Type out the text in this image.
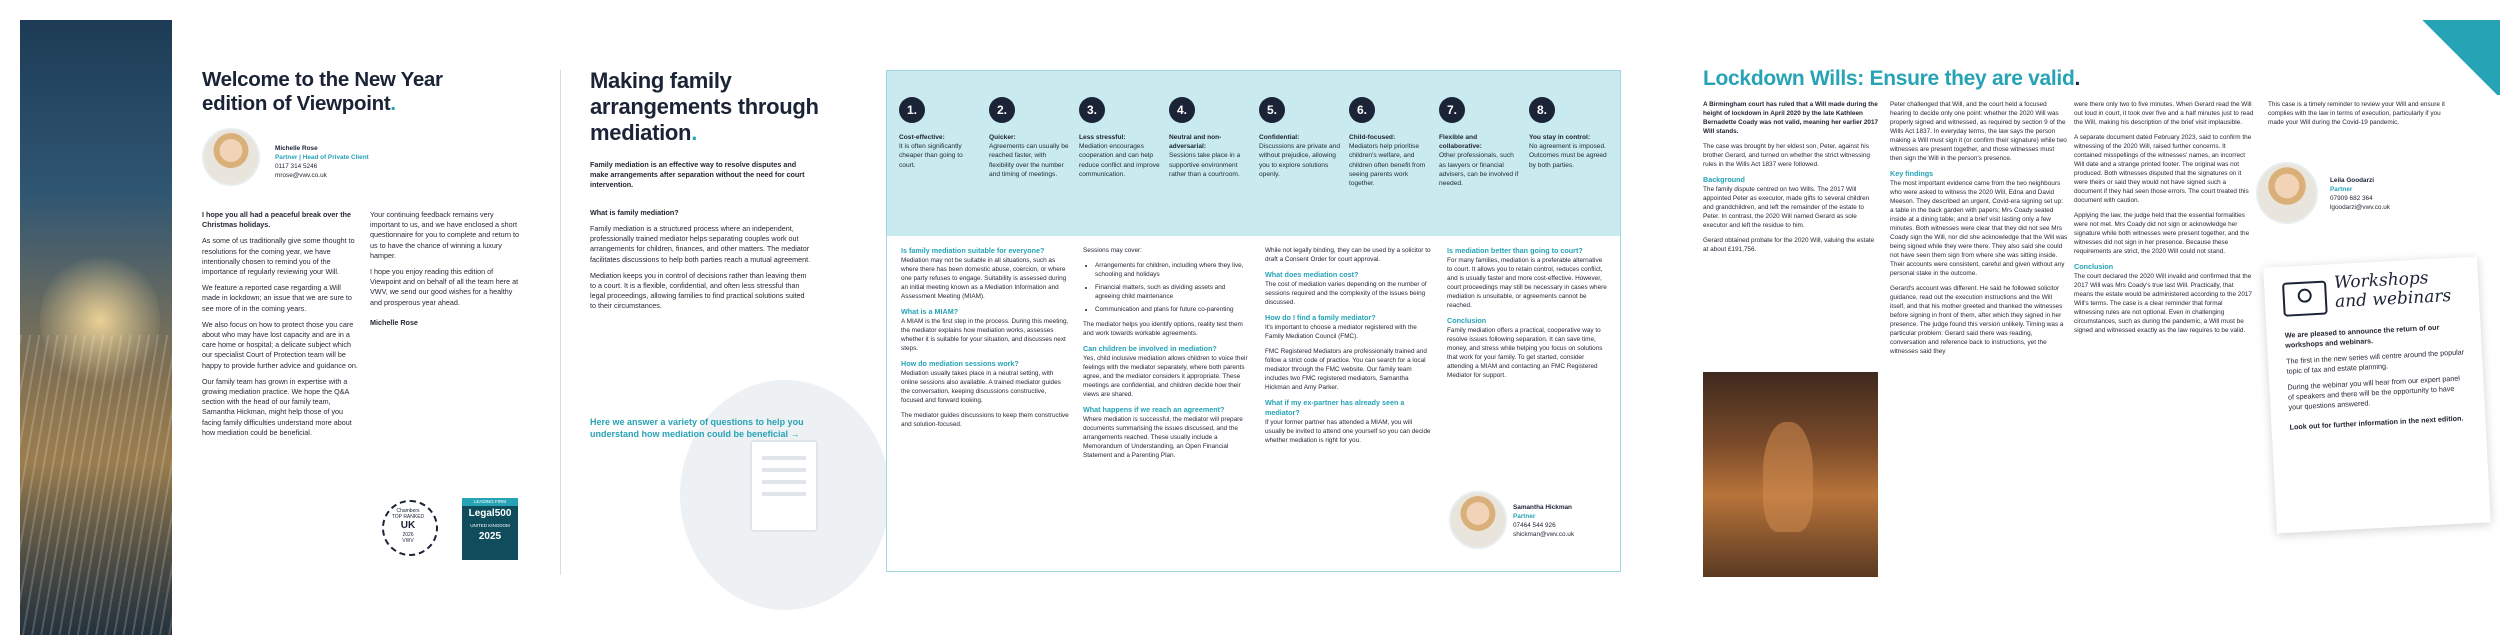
Welcome to the New Year edition of Viewpoint.
Michelle Rose
Partner | Head of Private Client
0117 314 5246
mrose@vwv.co.uk

I hope you all had a peaceful break over the Christmas holidays.

As some of us traditionally give some thought to resolutions for the coming year, we have intentionally chosen to remind you of the importance of regularly reviewing your Will.

We feature a reported case regarding a Will made in lockdown; an issue that we are sure to see more of in the coming years.

We also focus on how to protect those you care about who may have lost capacity and are in a care home or hospital; a delicate subject which our specialist Court of Protection team will be happy to provide further advice and guidance on.

Our family team has grown in expertise with a growing mediation practice. We hope the Q&A section with the head of our family team, Samantha Hickman, might help those of you facing family difficulties understand more about how mediation could be beneficial.

Your continuing feedback remains very important to us, and we have enclosed a short questionnaire for you to complete and return to us to have the chance of winning a luxury hamper.

I hope you enjoy reading this edition of Viewpoint and on behalf of all the team here at VWV, we send our good wishes for a healthy and prosperous year ahead.

Michelle Rose

Chambers
TOP RANKED
UK
2026
VWV
LEADING FIRM
Legal500
UNITED KINGDOM
2025
Making family arrangements through mediation.
Family mediation is an effective way to resolve disputes and make arrangements after separation without the need for court intervention.
What is family mediation?

Family mediation is a structured process where an independent, professionally trained mediator helps separating couples work out arrangements for children, finances, and other matters. The mediator facilitates discussions to help both parties reach a mutual agreement.

Mediation keeps you in control of decisions rather than leaving them to a court. It is a flexible, confidential, and often less stressful than legal proceedings, allowing families to find practical solutions suited to their circumstances.

Here we answer a variety of questions to help you understand how mediation could be beneficial →
1.
Cost-effective:
It is often significantly cheaper than going to court.
2.
Quicker:
Agreements can usually be reached faster, with flexibility over the number and timing of meetings.
3.
Less stressful:
Mediation encourages cooperation and can help reduce conflict and improve communication.
4.
Neutral and non-adversarial:
Sessions take place in a supportive environment rather than a courtroom.
5.
Confidential:
Discussions are private and without prejudice, allowing you to explore solutions openly.
6.
Child-focused:
Mediators help prioritise children's welfare, and children often benefit from seeing parents work together.
7.
Flexible and collaborative:
Other professionals, such as lawyers or financial advisers, can be involved if needed.
8.
You stay in control:
No agreement is imposed. Outcomes must be agreed by both parties.
Is family mediation suitable for everyone?

Mediation may not be suitable in all situations, such as where there has been domestic abuse, coercion, or where one party refuses to engage. Suitability is assessed during an initial meeting known as a Mediation Information and Assessment Meeting (MIAM).

What is a MIAM?

A MIAM is the first step in the process. During this meeting, the mediator explains how mediation works, assesses whether it is suitable for your situation, and discusses next steps.

How do mediation sessions work?

Mediation usually takes place in a neutral setting, with online sessions also available. A trained mediator guides the conversation, keeping discussions constructive, focused and forward looking.

The mediator guides discussions to keep them constructive and solution-focused.

Sessions may cover:

• Arrangements for children, including where they live, schooling and holidays
• Financial matters, such as dividing assets and agreeing child maintenance
• Communication and plans for future co-parenting

The mediator helps you identify options, reality test them and work towards workable agreements.

Can children be involved in mediation?

Yes, child inclusive mediation allows children to voice their feelings with the mediator separately, where both parents agree, and the mediator considers it appropriate. These meetings are confidential, and children decide how their views are shared.

What happens if we reach an agreement?

Where mediation is successful, the mediator will prepare documents summarising the issues discussed, and the arrangements reached. These usually include a Memorandum of Understanding, an Open Financial Statement and a Parenting Plan.

While not legally binding, they can be used by a solicitor to draft a Consent Order for court approval.

What does mediation cost?

The cost of mediation varies depending on the number of sessions required and the complexity of the issues being discussed.

How do I find a family mediator?

It's important to choose a mediator registered with the Family Mediation Council (FMC).

FMC Registered Mediators are professionally trained and follow a strict code of practice. You can search for a local mediator through the FMC website. Our family team includes two FMC registered mediators, Samantha Hickman and Amy Parker.

What if my ex-partner has already seen a mediator?

If your former partner has attended a MIAM, you will usually be invited to attend one yourself so you can decide whether mediation is right for you.

Is mediation better than going to court?

For many families, mediation is a preferable alternative to court. It allows you to retain control, reduces conflict, and is usually faster and more cost-effective. However, court proceedings may still be necessary in cases where mediation is unsuitable, or agreements cannot be reached.

Conclusion

Family mediation offers a practical, cooperative way to resolve issues following separation. It can save time, money, and stress while helping you focus on solutions that work for your family. To get started, consider attending a MIAM and contacting an FMC Registered Mediator for support.

Samantha Hickman
Partner
07464 544 926
shickman@vwv.co.uk
Lockdown Wills: Ensure they are valid.

A Birmingham court has ruled that a Will made during the height of lockdown in April 2020 by the late Kathleen Bernadette Coady was not valid, meaning her earlier 2017 Will stands.

The case was brought by her eldest son, Peter, against his brother Gerard, and turned on whether the strict witnessing rules in the Wills Act 1837 were followed.

Background

The family dispute centred on two Wills. The 2017 Will appointed Peter as executor, made gifts to several children and grandchildren, and left the remainder of the estate to Peter. In contrast, the 2020 Will named Gerard as sole executor and left the residue to him.

Gerard obtained probate for the 2020 Will, valuing the estate at about £191,756.

Peter challenged that Will, and the court held a focused hearing to decide only one point: whether the 2020 Will was properly signed and witnessed, as required by section 9 of the Wills Act 1837. In everyday terms, the law says the person making a Will must sign it (or confirm their signature) while two witnesses are present together, and those witnesses must then sign the Will in the person's presence.

Key findings

The most important evidence came from the two neighbours who were asked to witness the 2020 Will, Edna and David Meeson. They described an urgent, Covid-era signing set up: a table in the back garden with papers; Mrs Coady seated inside at a dining table; and a brief visit lasting only a few minutes. Both witnesses were clear that they did not see Mrs Coady sign the Will, nor did she acknowledge that the Will was being signed while they were there. They also said she could not have seen them sign from where she was sitting inside. Their accounts were consistent, careful and given without any personal stake in the outcome.

Gerard's account was different. He said he followed solicitor guidance, read out the execution instructions and the Will itself, and that his mother greeted and thanked the witnesses before signing in front of them, after which they signed in her presence. The judge found this version unlikely. Timing was a particular problem: Gerard said there was reading, conversation and reference back to instructions, yet the witnesses said they

were there only two to five minutes. When Gerard read the Will out loud in court, it took over five and a half minutes just to read the Will, making his description of the brief visit implausible.

A separate document dated February 2023, said to confirm the witnessing of the 2020 Will, raised further concerns. It contained misspellings of the witnesses' names, an incorrect Will date and a strange printed footer. The original was not produced. Both witnesses disputed that the signatures on it were theirs or said they would not have signed such a document if they had seen those errors. The court treated this document with caution.

Applying the law, the judge held that the essential formalities were not met. Mrs Coady did not sign or acknowledge her signature while both witnesses were present together, and the witnesses did not sign in her presence. Because these requirements are strict, the 2020 Will could not stand.

Conclusion

The court declared the 2020 Will invalid and confirmed that the 2017 Will was Mrs Coady's true last Will. Practically, that means the estate would be administered according to the 2017 Will's terms. The case is a clear reminder that formal witnessing rules are not optional. Even in challenging circumstances, such as during the pandemic, a Will must be signed and witnessed exactly as the law requires to be valid.

This case is a timely reminder to review your Will and ensure it complies with the law in terms of execution, particularly if you made your Will during the Covid-19 pandemic.
Leila Goodarzi
Partner
07909 682 364
lgoodarzi@vwv.co.uk
Workshops
and webinars

We are pleased to announce the return of our workshops and webinars.

The first in the new series will centre around the popular topic of tax and estate planning.

During the webinar you will hear from our expert panel of speakers and there will be the opportunity to have your questions answered.

Look out for further information in the next edition.
